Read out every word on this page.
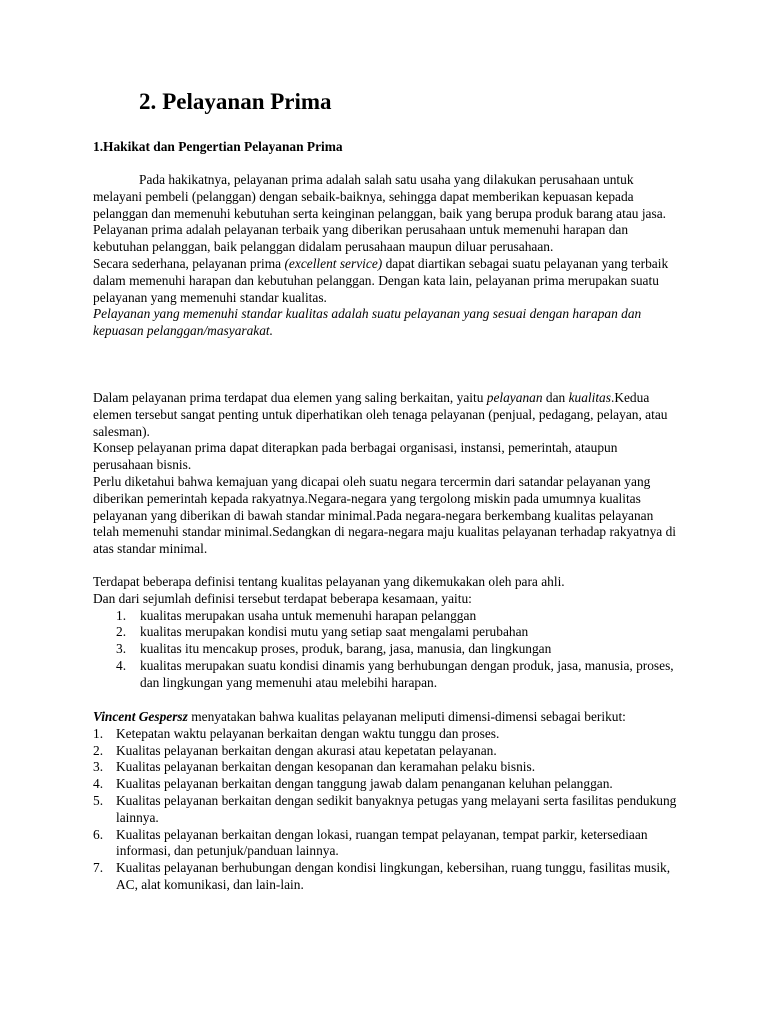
2. Pelayanan Prima

1.Hakikat dan Pengertian Pelayanan Prima

Pada hakikatnya, pelayanan prima adalah salah satu usaha yang dilakukan perusahaan untuk melayani pembeli (pelanggan) dengan sebaik-baiknya, sehingga dapat memberikan kepuasan kepada pelanggan dan memenuhi kebutuhan serta keinginan pelanggan, baik yang berupa produk barang atau jasa.

Pelayanan prima adalah pelayanan terbaik yang diberikan perusahaan untuk memenuhi harapan dan kebutuhan pelanggan, baik pelanggan didalam perusahaan maupun diluar perusahaan.

Secara sederhana, pelayanan prima (excellent service) dapat diartikan sebagai suatu pelayanan yang terbaik dalam memenuhi harapan dan kebutuhan pelanggan. Dengan kata lain, pelayanan prima merupakan suatu pelayanan yang memenuhi standar kualitas.

Pelayanan yang memenuhi standar kualitas adalah suatu pelayanan yang sesuai dengan harapan dan kepuasan pelanggan/masyarakat.

Dalam pelayanan prima terdapat dua elemen yang saling berkaitan, yaitu pelayanan dan kualitas.Kedua elemen tersebut sangat penting untuk diperhatikan oleh tenaga pelayanan (penjual, pedagang, pelayan, atau salesman).

Konsep pelayanan prima dapat diterapkan pada berbagai organisasi, instansi, pemerintah, ataupun perusahaan bisnis.

Perlu diketahui bahwa kemajuan yang dicapai oleh suatu negara tercermin dari satandar pelayanan yang diberikan pemerintah kepada rakyatnya.Negara-negara yang tergolong miskin pada umumnya kualitas pelayanan yang diberikan di bawah standar minimal.Pada negara-negara berkembang kualitas pelayanan telah memenuhi standar minimal.Sedangkan di negara-negara maju kualitas pelayanan terhadap rakyatnya di atas standar minimal.

Terdapat beberapa definisi tentang kualitas pelayanan yang dikemukakan oleh para ahli.

Dan dari sejumlah definisi tersebut terdapat beberapa kesamaan, yaitu:

1. kualitas merupakan usaha untuk memenuhi harapan pelanggan
2. kualitas merupakan kondisi mutu yang setiap saat mengalami perubahan
3. kualitas itu mencakup proses, produk, barang, jasa, manusia, dan lingkungan
4. kualitas merupakan suatu kondisi dinamis yang berhubungan dengan produk, jasa, manusia, proses, dan lingkungan yang memenuhi atau melebihi harapan.

Vincent Gespersz menyatakan bahwa kualitas pelayanan meliputi dimensi-dimensi sebagai berikut:

1. Ketepatan waktu pelayanan berkaitan dengan waktu tunggu dan proses.
2. Kualitas pelayanan berkaitan dengan akurasi atau kepetatan pelayanan.
3. Kualitas pelayanan berkaitan dengan kesopanan dan keramahan pelaku bisnis.
4. Kualitas pelayanan berkaitan dengan tanggung jawab dalam penanganan keluhan pelanggan.
5. Kualitas pelayanan berkaitan dengan sedikit banyaknya petugas yang melayani serta fasilitas pendukung lainnya.
6. Kualitas pelayanan berkaitan dengan lokasi, ruangan tempat pelayanan, tempat parkir, ketersediaan informasi, dan petunjuk/panduan lainnya.
7. Kualitas pelayanan berhubungan dengan kondisi lingkungan, kebersihan, ruang tunggu, fasilitas musik, AC, alat komunikasi, dan lain-lain.
